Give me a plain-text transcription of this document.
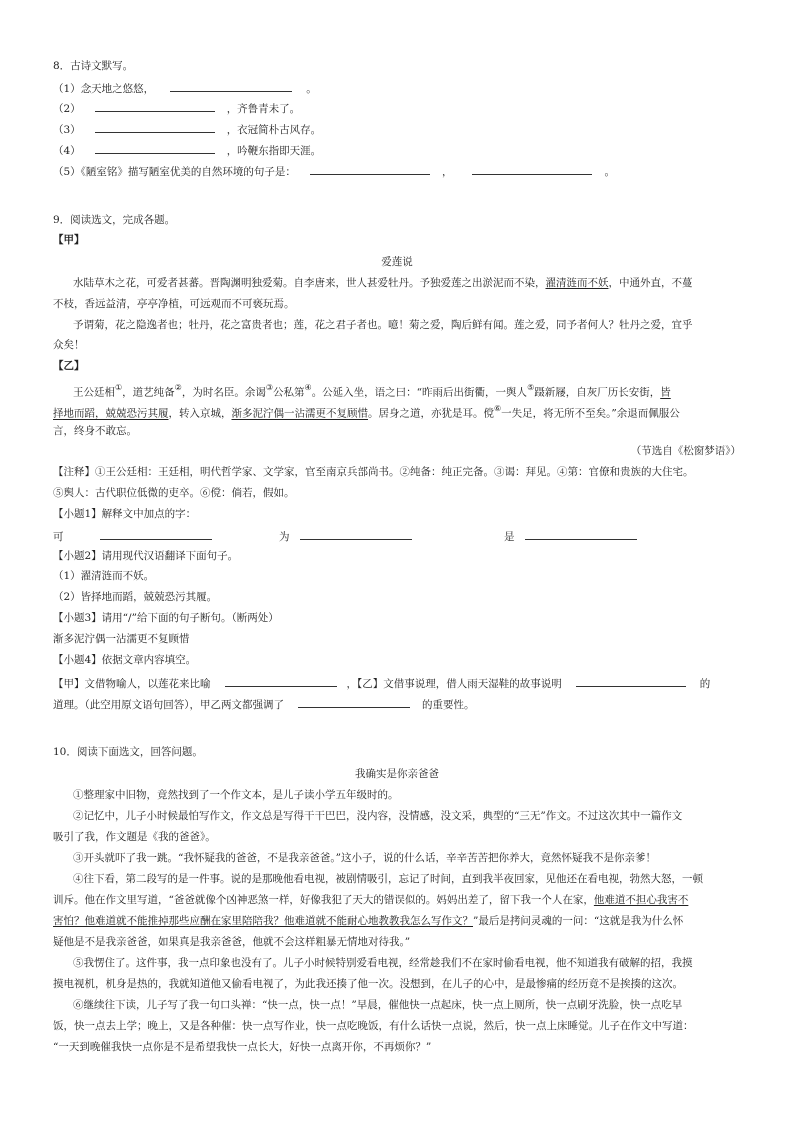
8．古诗文默写。
（1）念天地之悠悠，	。
（2）	，齐鲁青未了。
（3）	，衣冠简朴古风存。
（4）	，吟鞭东指即天涯。
（5）《陋室铭》描写陋室优美的自然环境的句子是：	，	。
9．阅读选文，完成各题。
【甲】
爱莲说
水陆草木之花，可爱者甚蕃。晋陶渊明独爱菊。自李唐来，世人甚爱牡丹。予独爱莲之出淤泥而不染，濯清涟而不妖，中通外直，不蔓
不枝，香远益清，亭亭净植，可远观而不可亵玩焉。
予谓菊，花之隐逸者也；牡丹，花之富贵者也；莲，花之君子者也。噫！菊之爱，陶后鲜有闻。莲之爱，同予者何人？牡丹之爱，宜乎
众矣！
【乙】
王公廷相①，道艺纯备②，为时名臣。余谒③公私第④。公延入坐，语之曰：“昨雨后出街衢，一舆人⑤蹑新屦，自灰厂历长安街，皆
择地而蹈，兢兢恐污其履，转入京城，渐多泥泞偶一沾濡更不复顾惜。居身之道，亦犹是耳。傥⑥一失足，将无所不至矣。”余退而佩服公
言，终身不敢忘。
（节选自《松窗梦语》）
【注释】①王公廷相：王廷相，明代哲学家、文学家，官至南京兵部尚书。②纯备：纯正完备。③谒：拜见。④第：官僚和贵族的大住宅。
⑤舆人：古代职位低微的吏卒。⑥傥：倘若，假如。
【小题1】解释文中加点的字：
可	为	是
【小题2】请用现代汉语翻译下面句子。
（1）濯清涟而不妖。
（2）皆择地而蹈，兢兢恐污其履。
【小题3】请用“/”给下面的句子断句。（断两处）
渐多泥泞偶一沾濡更不复顾惜
【小题4】依据文章内容填空。
【甲】文借物喻人，以莲花来比喻	，【乙】文借事说理，借人雨天湿鞋的故事说明	的
道理。（此空用原文语句回答），甲乙两文都强调了	的重要性。
10．阅读下面选文，回答问题。
我确实是你亲爸爸
①整理家中旧物，竟然找到了一个作文本，是儿子读小学五年级时的。
②记忆中，儿子小时候最怕写作文，作文总是写得干干巴巴，没内容，没情感，没文采，典型的“三无”作文。不过这次其中一篇作文
吸引了我，作文题是《我的爸爸》。
③开头就吓了我一跳。“我怀疑我的爸爸，不是我亲爸爸。”这小子，说的什么话，辛辛苦苦把你养大，竟然怀疑我不是你亲爹！
④往下看，第二段写的是一件事。说的是那晚他看电视，被剧情吸引，忘记了时间，直到我半夜回家，见他还在看电视，勃然大怒，一顿
训斥。他在作文里写道，“爸爸就像个凶神恶煞一样，好像我犯了天大的错误似的。妈妈出差了，留下我一个人在家，他难道不担心我害不
害怕？他难道就不能推掉那些应酬在家里陪陪我？他难道就不能耐心地教教我怎么写作文？”最后是拷问灵魂的一问：“这就是我为什么怀
疑他是不是我亲爸爸，如果真是我亲爸爸，他就不会这样粗暴无情地对待我。”
⑤我愣住了。这件事，我一点印象也没有了。儿子小时候特别爱看电视，经常趁我们不在家时偷看电视，他不知道我有破解的招，我摸
摸电视机，机身是热的，我就知道他又偷看电视了，为此我还揍了他一次。没想到，在儿子的心中，是最惨痛的经历竟不是挨揍的这次。
⑥继续往下读，儿子写了我一句口头禅：“快一点，快一点！”早晨，催他快一点起床，快一点上厕所，快一点刷牙洗脸，快一点吃早
饭，快一点去上学；晚上，又是各种催：快一点写作业，快一点吃晚饭，有什么话快一点说，然后，快一点上床睡觉。儿子在作文中写道：
“一天到晚催我快一点你是不是希望我快一点长大，好快一点离开你，不再烦你？”
